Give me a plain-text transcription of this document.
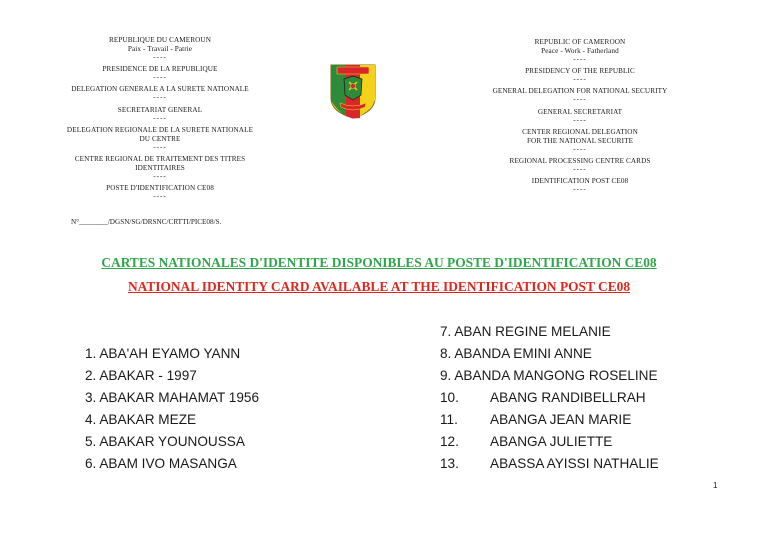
REPUBLIQUE DU CAMEROUN
Paix - Travail - Patrie
----
PRESIDENCE DE LA REPUBLIQUE
----
DELEGATION GENERALE A LA SURETE NATIONALE
----
SECRETARIAT GENERAL
----
DELEGATION REGIONALE DE LA SURETE NATIONALE
DU CENTRE
----
CENTRE REGIONAL DE TRAITEMENT DES TITRES
IDENTITAIRES
----
POSTE D'IDENTIFICATION CE08
----
N°________/DGSN/SG/DRSNC/CRTTI/PICE08/S.
REPUBLIC OF CAMEROON
Peace - Work - Fatherland
----
PRESIDENCY OF THE REPUBLIC
----
GENERAL DELEGATION FOR NATIONAL SECURITY
----
GENERAL SECRETARIAT
----
CENTER REGIONAL DELEGATION
FOR THE NATIONAL SECURITE
----
REGIONAL PROCESSING CENTRE CARDS
----
IDENTIFICATION POST CE08
----
CARTES NATIONALES D'IDENTITE DISPONIBLES AU POSTE D'IDENTIFICATION CE08
NATIONAL IDENTITY CARD AVAILABLE AT THE IDENTIFICATION POST CE08
1. ABA'AH EYAMO YANN
2. ABAKAR - 1997
3. ABAKAR MAHAMAT 1956
4. ABAKAR MEZE
5. ABAKAR YOUNOUSSA
6. ABAM IVO MASANGA
7. ABAN REGINE MELANIE
8. ABANDA EMINI ANNE
9. ABANDA MANGONG ROSELINE
10. ABANG RANDIBELLRAH
11. ABANGA JEAN MARIE
12. ABANGA JULIETTE
13. ABASSA AYISSI NATHALIE
1
